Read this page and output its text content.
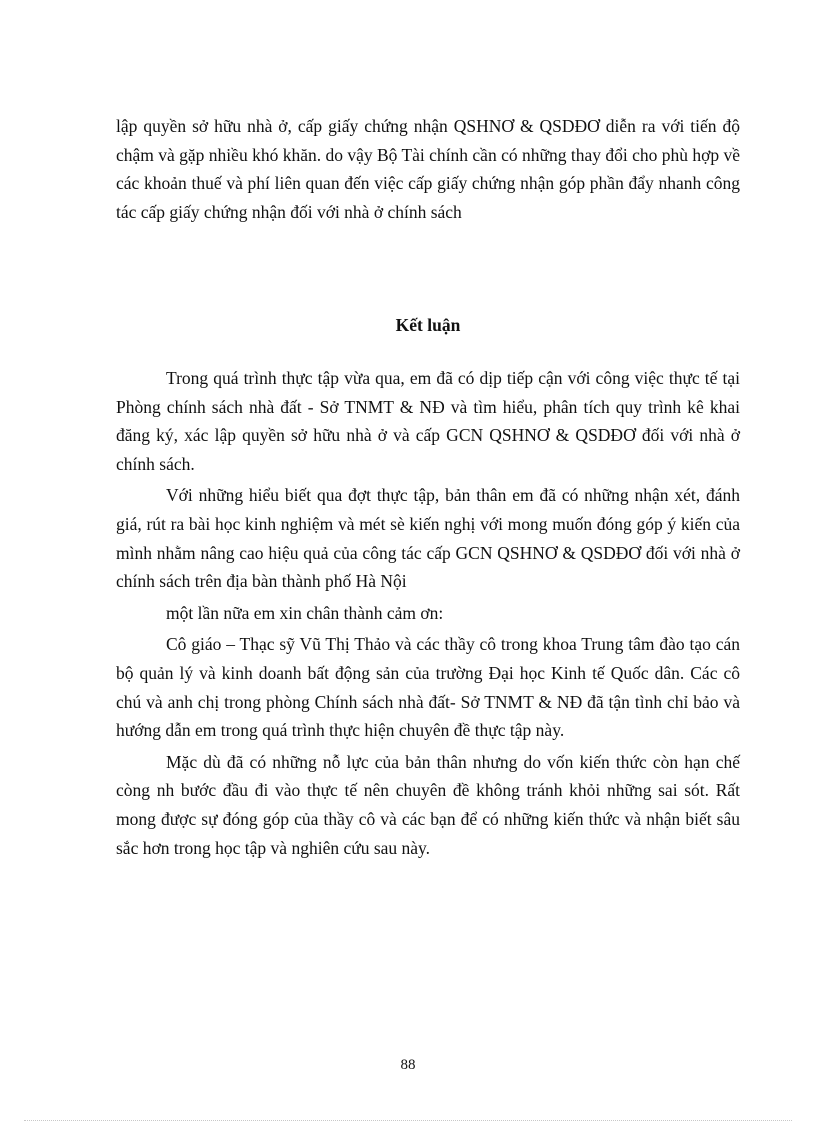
lập quyền sở hữu nhà ở, cấp giấy chứng nhận QSHNƠ & QSDĐƠ diễn ra với tiến độ chậm và gặp nhiều khó khăn. do vậy Bộ Tài chính cần có những thay đổi cho phù hợp về các khoản thuế và phí liên quan đến việc cấp giấy chứng nhận góp phần đẩy nhanh công tác cấp giấy chứng nhận đối với nhà ở chính sách

Kết luận

Trong quá trình thực tập vừa qua, em đã có dịp tiếp cận với công việc thực tế tại Phòng chính sách nhà đất - Sở TNMT & NĐ và tìm hiểu, phân tích quy trình kê khai đăng ký, xác lập quyền sở hữu nhà ở và cấp GCN QSHNƠ & QSDĐƠ đối với nhà ở chính sách.

Với những hiểu biết qua đợt thực tập, bản thân em đã có những nhận xét, đánh giá, rút ra bài học kinh nghiệm và mét sè kiến nghị với mong muốn đóng góp ý kiến của mình nhằm nâng cao hiệu quả của công tác cấp GCN QSHNƠ & QSDĐƠ đối với nhà ở chính sách trên địa bàn thành phố Hà Nội

một lần nữa em xin chân thành cảm ơn:

Cô giáo – Thạc sỹ Vũ Thị Thảo và các thầy cô trong khoa Trung tâm đào tạo cán bộ quản lý và kinh doanh bất động sản của trường Đại học Kinh tế Quốc dân. Các cô chú và anh chị trong phòng Chính sách nhà đất- Sở TNMT & NĐ đã tận tình chỉ bảo và hướng dẫn em trong quá trình thực hiện chuyên đề thực tập này.

Mặc dù đã có những nỗ lực của bản thân nhưng do vốn kiến thức còn hạn chế còng nh bước đầu đi vào thực tế nên chuyên đề không tránh khỏi những sai sót. Rất mong được sự đóng góp của thầy cô và các bạn để có những kiến thức và nhận biết sâu sắc hơn trong học tập và nghiên cứu sau này.

88
